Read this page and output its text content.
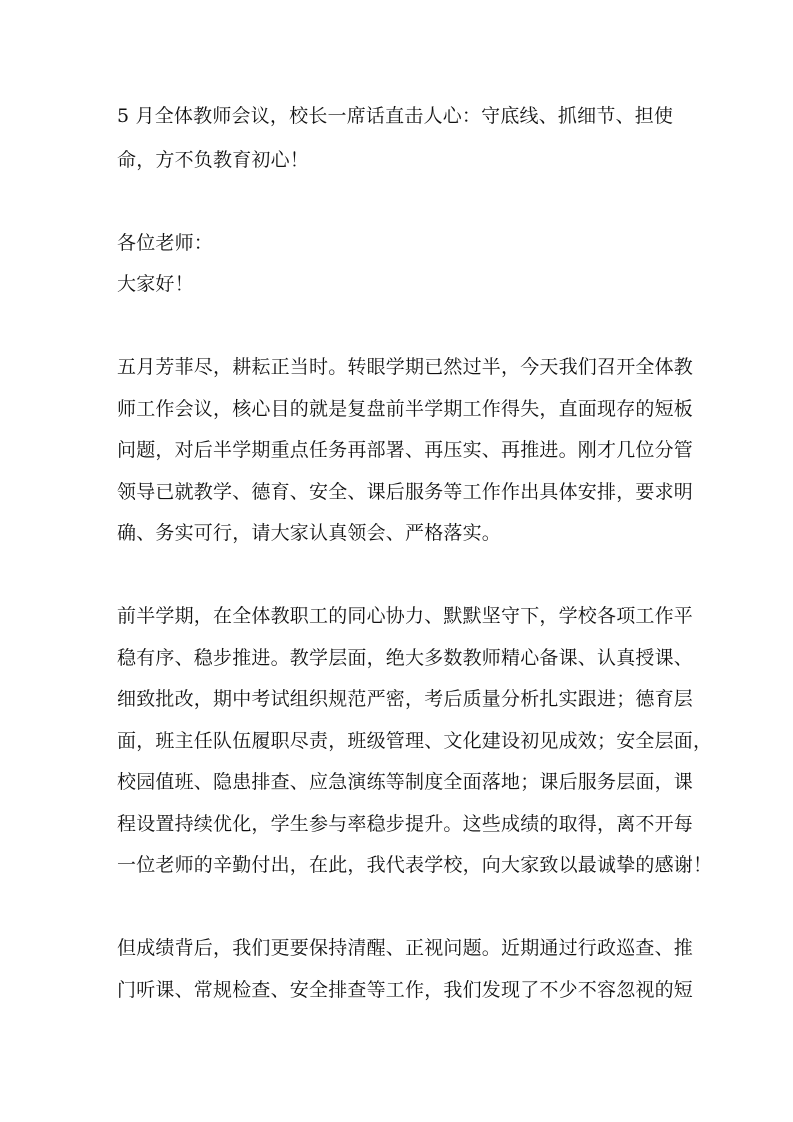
5 月全体教师会议，校长一席话直击人心：守底线、抓细节、担使
命，方不负教育初心！
各位老师：
大家好！
五月芳菲尽，耕耘正当时。转眼学期已然过半，今天我们召开全体教
师工作会议，核心目的就是复盘前半学期工作得失，直面现存的短板
问题，对后半学期重点任务再部署、再压实、再推进。刚才几位分管
领导已就教学、德育、安全、课后服务等工作作出具体安排，要求明
确、务实可行，请大家认真领会、严格落实。
前半学期，在全体教职工的同心协力、默默坚守下，学校各项工作平
稳有序、稳步推进。教学层面，绝大多数教师精心备课、认真授课、
细致批改，期中考试组织规范严密，考后质量分析扎实跟进；德育层
面，班主任队伍履职尽责，班级管理、文化建设初见成效；安全层面，
校园值班、隐患排查、应急演练等制度全面落地；课后服务层面，课
程设置持续优化，学生参与率稳步提升。这些成绩的取得，离不开每
一位老师的辛勤付出，在此，我代表学校，向大家致以最诚挚的感谢！
但成绩背后，我们更要保持清醒、正视问题。近期通过行政巡查、推
门听课、常规检查、安全排查等工作，我们发现了不少不容忽视的短
